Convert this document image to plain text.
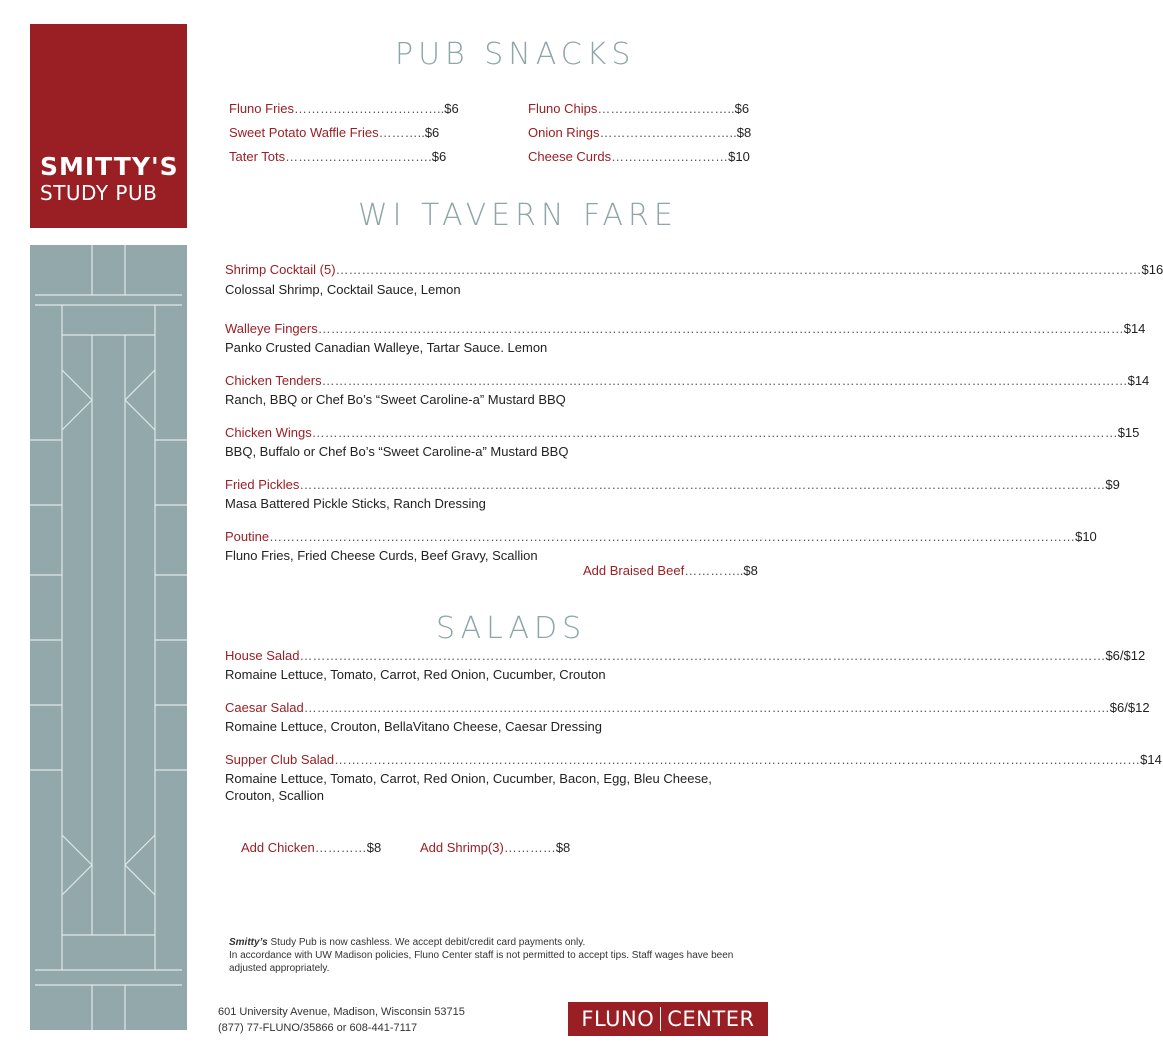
SMITTY'S
STUDY PUB
PUB SNACKS
Fluno Fries……………………………..$6
Sweet Potato Waffle Fries………..$6
Tater Tots…………………………….$6
Fluno Chips…………………………..$6
Onion Rings…………………………..$8
Cheese Curds………………………$10
WI TAVERN FARE
Shrimp Cocktail (5) …………………………………………………………………………………………………………………………………………………………………… $16
Colossal Shrimp, Cocktail Sauce, Lemon
Walleye Fingers …………………………………………………………………………………………………………………………………………………………………… $14
Panko Crusted Canadian Walleye, Tartar Sauce. Lemon
Chicken Tenders …………………………………………………………………………………………………………………………………………………………………… $14
Ranch, BBQ or Chef Bo’s “Sweet Caroline-a” Mustard BBQ
Chicken Wings …………………………………………………………………………………………………………………………………………………………………… $15
BBQ, Buffalo or Chef Bo’s “Sweet Caroline-a” Mustard BBQ
Fried Pickles …………………………………………………………………………………………………………………………………………………………………… $9
Masa Battered Pickle Sticks, Ranch Dressing
Poutine …………………………………………………………………………………………………………………………………………………………………… $10
Fluno Fries, Fried Cheese Curds, Beef Gravy, Scallion
Add Braised Beef…………..$8
SALADS
House Salad …………………………………………………………………………………………………………………………………………………………………… $6/$12
Romaine Lettuce, Tomato, Carrot, Red Onion, Cucumber, Crouton
Caesar Salad …………………………………………………………………………………………………………………………………………………………………… $6/$12
Romaine Lettuce, Crouton, BellaVitano Cheese, Caesar Dressing
Supper Club Salad …………………………………………………………………………………………………………………………………………………………………… $14
Romaine Lettuce, Tomato, Carrot, Red Onion, Cucumber, Bacon, Egg, Bleu Cheese, Crouton, Scallion
Add Chicken…………$8	Add Shrimp(3)…………$8
Smitty’s Study Pub is now cashless. We accept debit/credit card payments only.
In accordance with UW Madison policies, Fluno Center staff is not permitted to accept tips. Staff wages have been adjusted appropriately.
601 University Avenue, Madison, Wisconsin 53715
(877) 77-FLUNO/35866 or 608-441-7117	FLUNO CENTER
